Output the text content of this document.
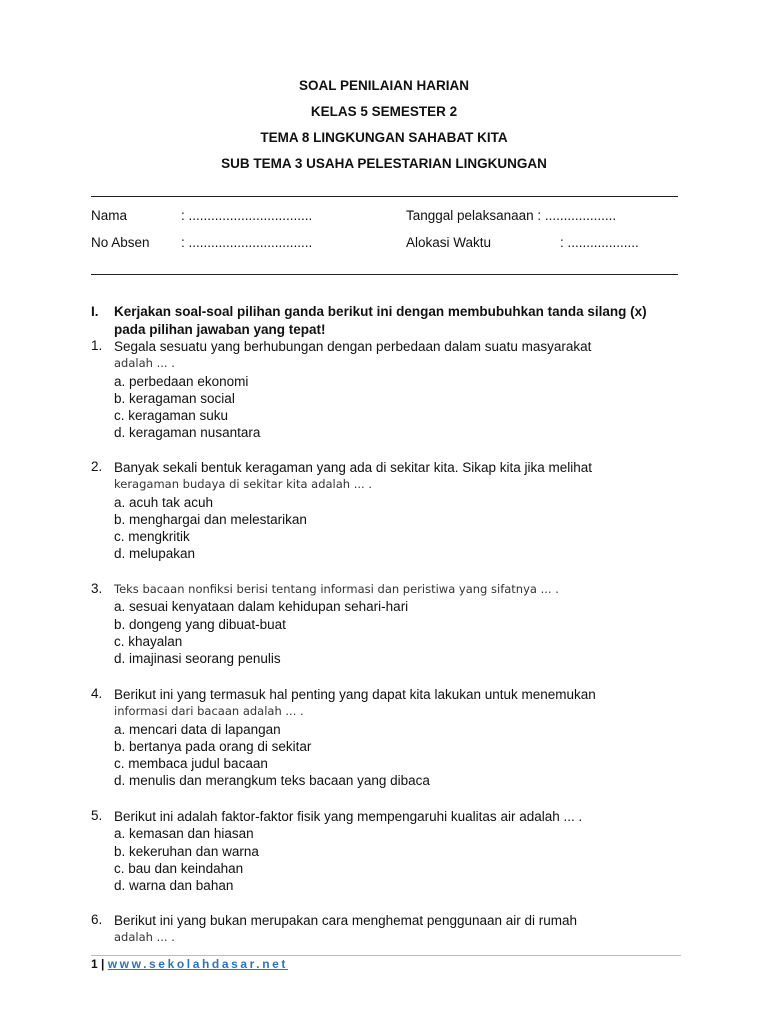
SOAL PENILAIAN HARIAN
KELAS 5 SEMESTER 2
TEMA 8 LINGKUNGAN SAHABAT KITA
SUB TEMA 3 USAHA PELESTARIAN LINGKUNGAN
Nama	: .................................	Tanggal pelaksanaan : ...................
No Absen : .................................	Alokasi Waktu	: ...................
I. Kerjakan soal-soal pilihan ganda berikut ini dengan membubuhkan tanda silang (x) pada pilihan jawaban yang tepat!
1. Segala sesuatu yang berhubungan dengan perbedaan dalam suatu masyarakat
adalah ... .
a. perbedaan ekonomi
b. keragaman social
c. keragaman suku
d. keragaman nusantara
2. Banyak sekali bentuk keragaman yang ada di sekitar kita. Sikap kita jika melihat
keragaman budaya di sekitar kita adalah ... .
a. acuh tak acuh
b. menghargai dan melestarikan
c. mengkritik
d. melupakan
3. Teks bacaan nonfiksi berisi tentang informasi dan peristiwa yang sifatnya ... .
a. sesuai kenyataan dalam kehidupan sehari-hari
b. dongeng yang dibuat-buat
c. khayalan
d. imajinasi seorang penulis
4. Berikut ini yang termasuk hal penting yang dapat kita lakukan untuk menemukan
informasi dari bacaan adalah ... .
a. mencari data di lapangan
b. bertanya pada orang di sekitar
c. membaca judul bacaan
d. menulis dan merangkum teks bacaan yang dibaca
5. Berikut ini adalah faktor-faktor fisik yang mempengaruhi kualitas air adalah ... .
a. kemasan dan hiasan
b. kekeruhan dan warna
c. bau dan keindahan
d. warna dan bahan
6. Berikut ini yang bukan merupakan cara menghemat penggunaan air di rumah
adalah ... .
1 | www.sekolahdasar.net
